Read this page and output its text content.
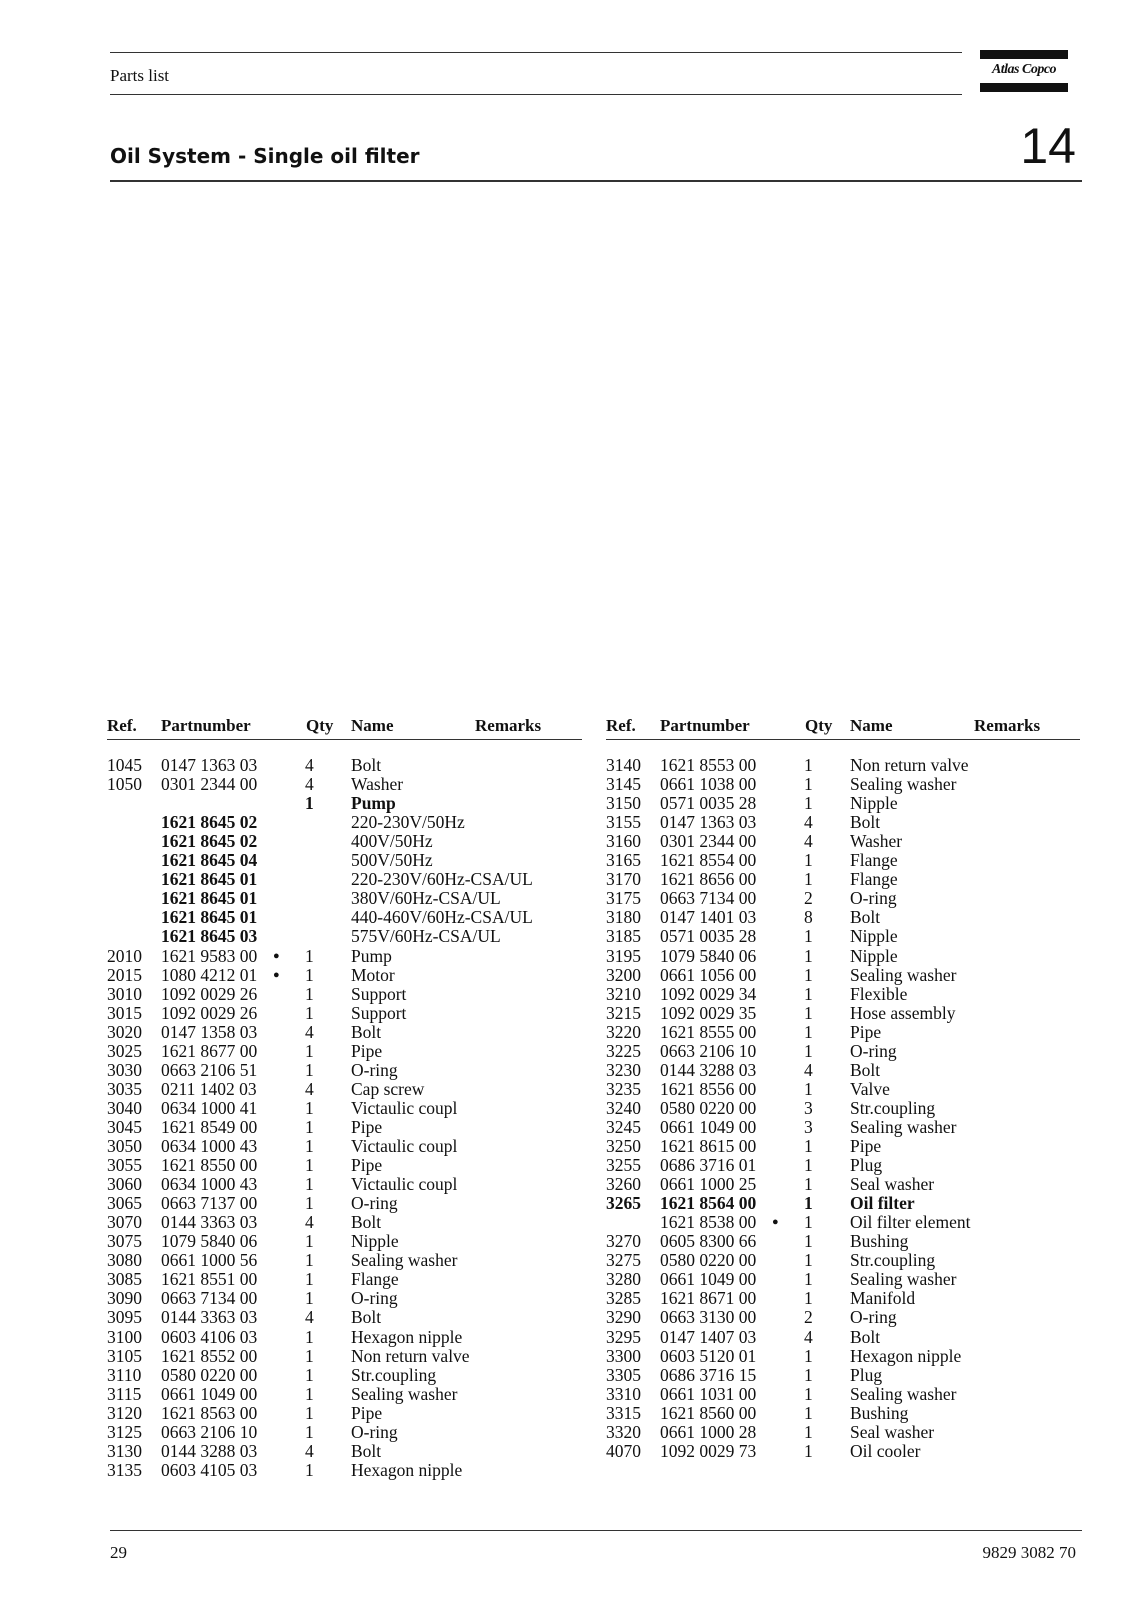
Parts list	Atlas Copco
Oil System - Single oil filter	14
Ref. Partnumber	Qty Name	Remarks
1045 0147 1363 03	4 Bolt
1050 0301 2344 00	4 Washer
1 Pump
1621 8645 02	220-230V/50Hz
1621 8645 02	400V/50Hz
1621 8645 04	500V/50Hz
1621 8645 01	220-230V/60Hz-CSA/UL
1621 8645 01	380V/60Hz-CSA/UL
1621 8645 01	440-460V/60Hz-CSA/UL
1621 8645 03	575V/60Hz-CSA/UL
2010 1621 9583 00 ● 1 Pump
2015 1080 4212 01 ● 1 Motor
3010 1092 0029 26	1 Support
3015 1092 0029 26	1 Support
3020 0147 1358 03	4 Bolt
3025 1621 8677 00	1 Pipe
3030 0663 2106 51	1 O-ring
3035 0211 1402 03	4 Cap screw
3040 0634 1000 41	1 Victaulic coupl
3045 1621 8549 00	1 Pipe
3050 0634 1000 43	1 Victaulic coupl
3055 1621 8550 00	1 Pipe
3060 0634 1000 43	1 Victaulic coupl
3065 0663 7137 00	1 O-ring
3070 0144 3363 03	4 Bolt
3075 1079 5840 06	1 Nipple
3080 0661 1000 56	1 Sealing washer
3085 1621 8551 00	1 Flange
3090 0663 7134 00	1 O-ring
3095 0144 3363 03	4 Bolt
3100 0603 4106 03	1 Hexagon nipple
3105 1621 8552 00	1 Non return valve
3110 0580 0220 00	1 Str.coupling
3115 0661 1049 00	1 Sealing washer
3120 1621 8563 00	1 Pipe
3125 0663 2106 10	1 O-ring
3130 0144 3288 03	4 Bolt
3135 0603 4105 03	1 Hexagon nipple
Ref. Partnumber	Qty Name	Remarks
3140 1621 8553 00	1 Non return valve
3145 0661 1038 00	1 Sealing washer
3150 0571 0035 28	1 Nipple
3155 0147 1363 03	4 Bolt
3160 0301 2344 00	4 Washer
3165 1621 8554 00	1 Flange
3170 1621 8656 00	1 Flange
3175 0663 7134 00	2 O-ring
3180 0147 1401 03	8 Bolt
3185 0571 0035 28	1 Nipple
3195 1079 5840 06	1 Nipple
3200 0661 1056 00	1 Sealing washer
3210 1092 0029 34	1 Flexible
3215 1092 0029 35	1 Hose assembly
3220 1621 8555 00	1 Pipe
3225 0663 2106 10	1 O-ring
3230 0144 3288 03	4 Bolt
3235 1621 8556 00	1 Valve
3240 0580 0220 00	3 Str.coupling
3245 0661 1049 00	3 Sealing washer
3250 1621 8615 00	1 Pipe
3255 0686 3716 01	1 Plug
3260 0661 1000 25	1 Seal washer
3265 1621 8564 00	1 Oil filter
1621 8538 00 ● 1 Oil filter element
3270 0605 8300 66	1 Bushing
3275 0580 0220 00	1 Str.coupling
3280 0661 1049 00	1 Sealing washer
3285 1621 8671 00	1 Manifold
3290 0663 3130 00	2 O-ring
3295 0147 1407 03	4 Bolt
3300 0603 5120 01	1 Hexagon nipple
3305 0686 3716 15	1 Plug
3310 0661 1031 00	1 Sealing washer
3315 1621 8560 00	1 Bushing
3320 0661 1000 28	1 Seal washer
4070 1092 0029 73	1 Oil cooler
29	9829 3082 70
